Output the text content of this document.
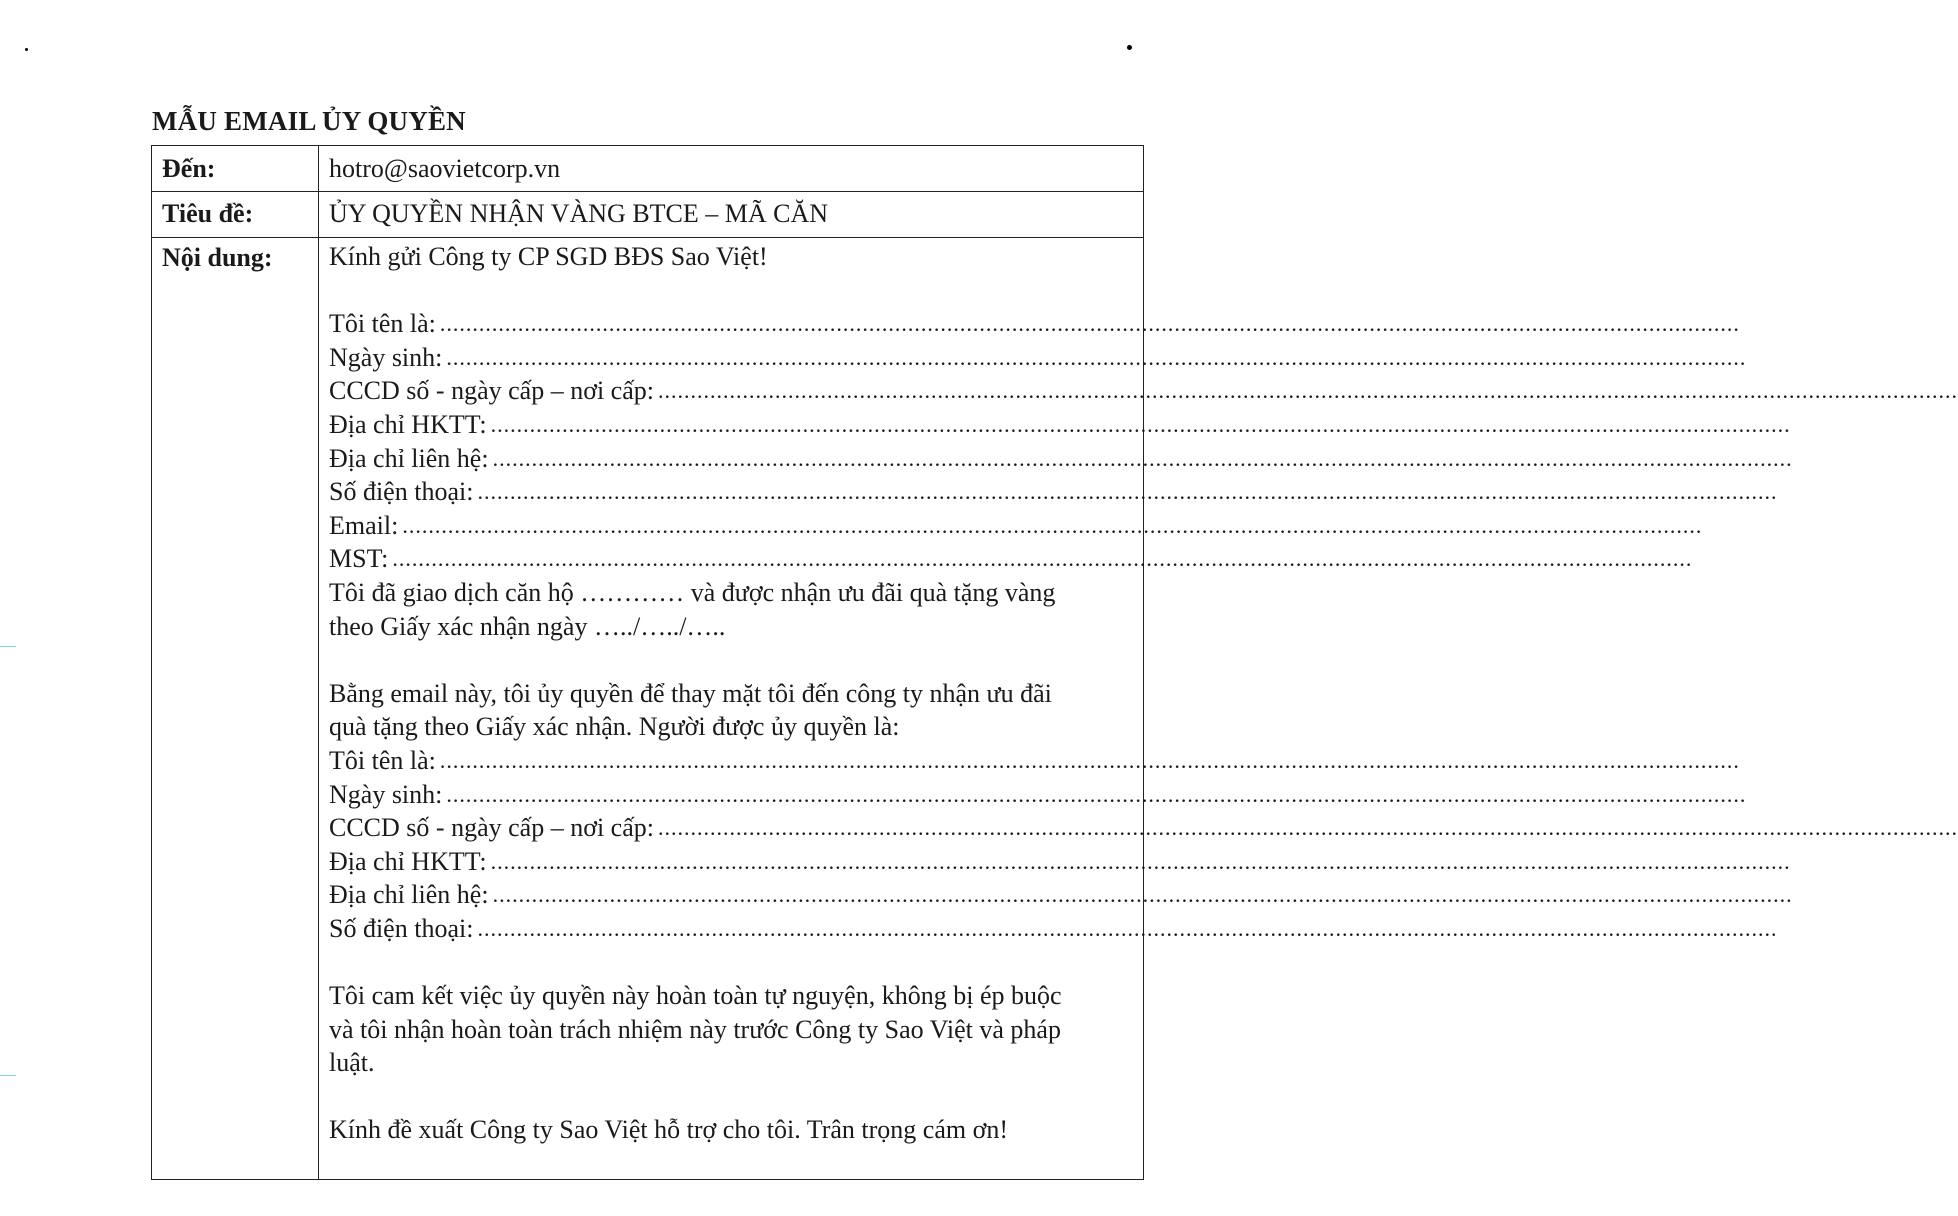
MẪU EMAIL ỦY QUYỀN
Đến:	hotro@saovietcorp.vn
Tiêu đề:	ỦY QUYỀN NHẬN VÀNG BTCE – MÃ CĂN
Nội dung: Kính gửi Công ty CP SGD BĐS Sao Việt!
Tôi tên là: ........................................................................................................................................................................................................
Ngày sinh: ........................................................................................................................................................................................................
CCCD số - ngày cấp – nơi cấp: ........................................................................................................................................................................................................
Địa chỉ HKTT: ........................................................................................................................................................................................................
Địa chỉ liên hệ: ........................................................................................................................................................................................................
Số điện thoại: ........................................................................................................................................................................................................
Email: ........................................................................................................................................................................................................
MST: ........................................................................................................................................................................................................
Tôi đã giao dịch căn hộ ………… và được nhận ưu đãi quà tặng vàng
theo Giấy xác nhận ngày …../…../…..
Bằng email này, tôi ủy quyền để thay mặt tôi đến công ty nhận ưu đãi
quà tặng theo Giấy xác nhận. Người được ủy quyền là:
Tôi tên là: ........................................................................................................................................................................................................
Ngày sinh: ........................................................................................................................................................................................................
CCCD số - ngày cấp – nơi cấp: ........................................................................................................................................................................................................
Địa chỉ HKTT: ........................................................................................................................................................................................................
Địa chỉ liên hệ: ........................................................................................................................................................................................................
Số điện thoại: ........................................................................................................................................................................................................
Tôi cam kết việc ủy quyền này hoàn toàn tự nguyện, không bị ép buộc
và tôi nhận hoàn toàn trách nhiệm này trước Công ty Sao Việt và pháp
luật.
Kính đề xuất Công ty Sao Việt hỗ trợ cho tôi. Trân trọng cám ơn!
